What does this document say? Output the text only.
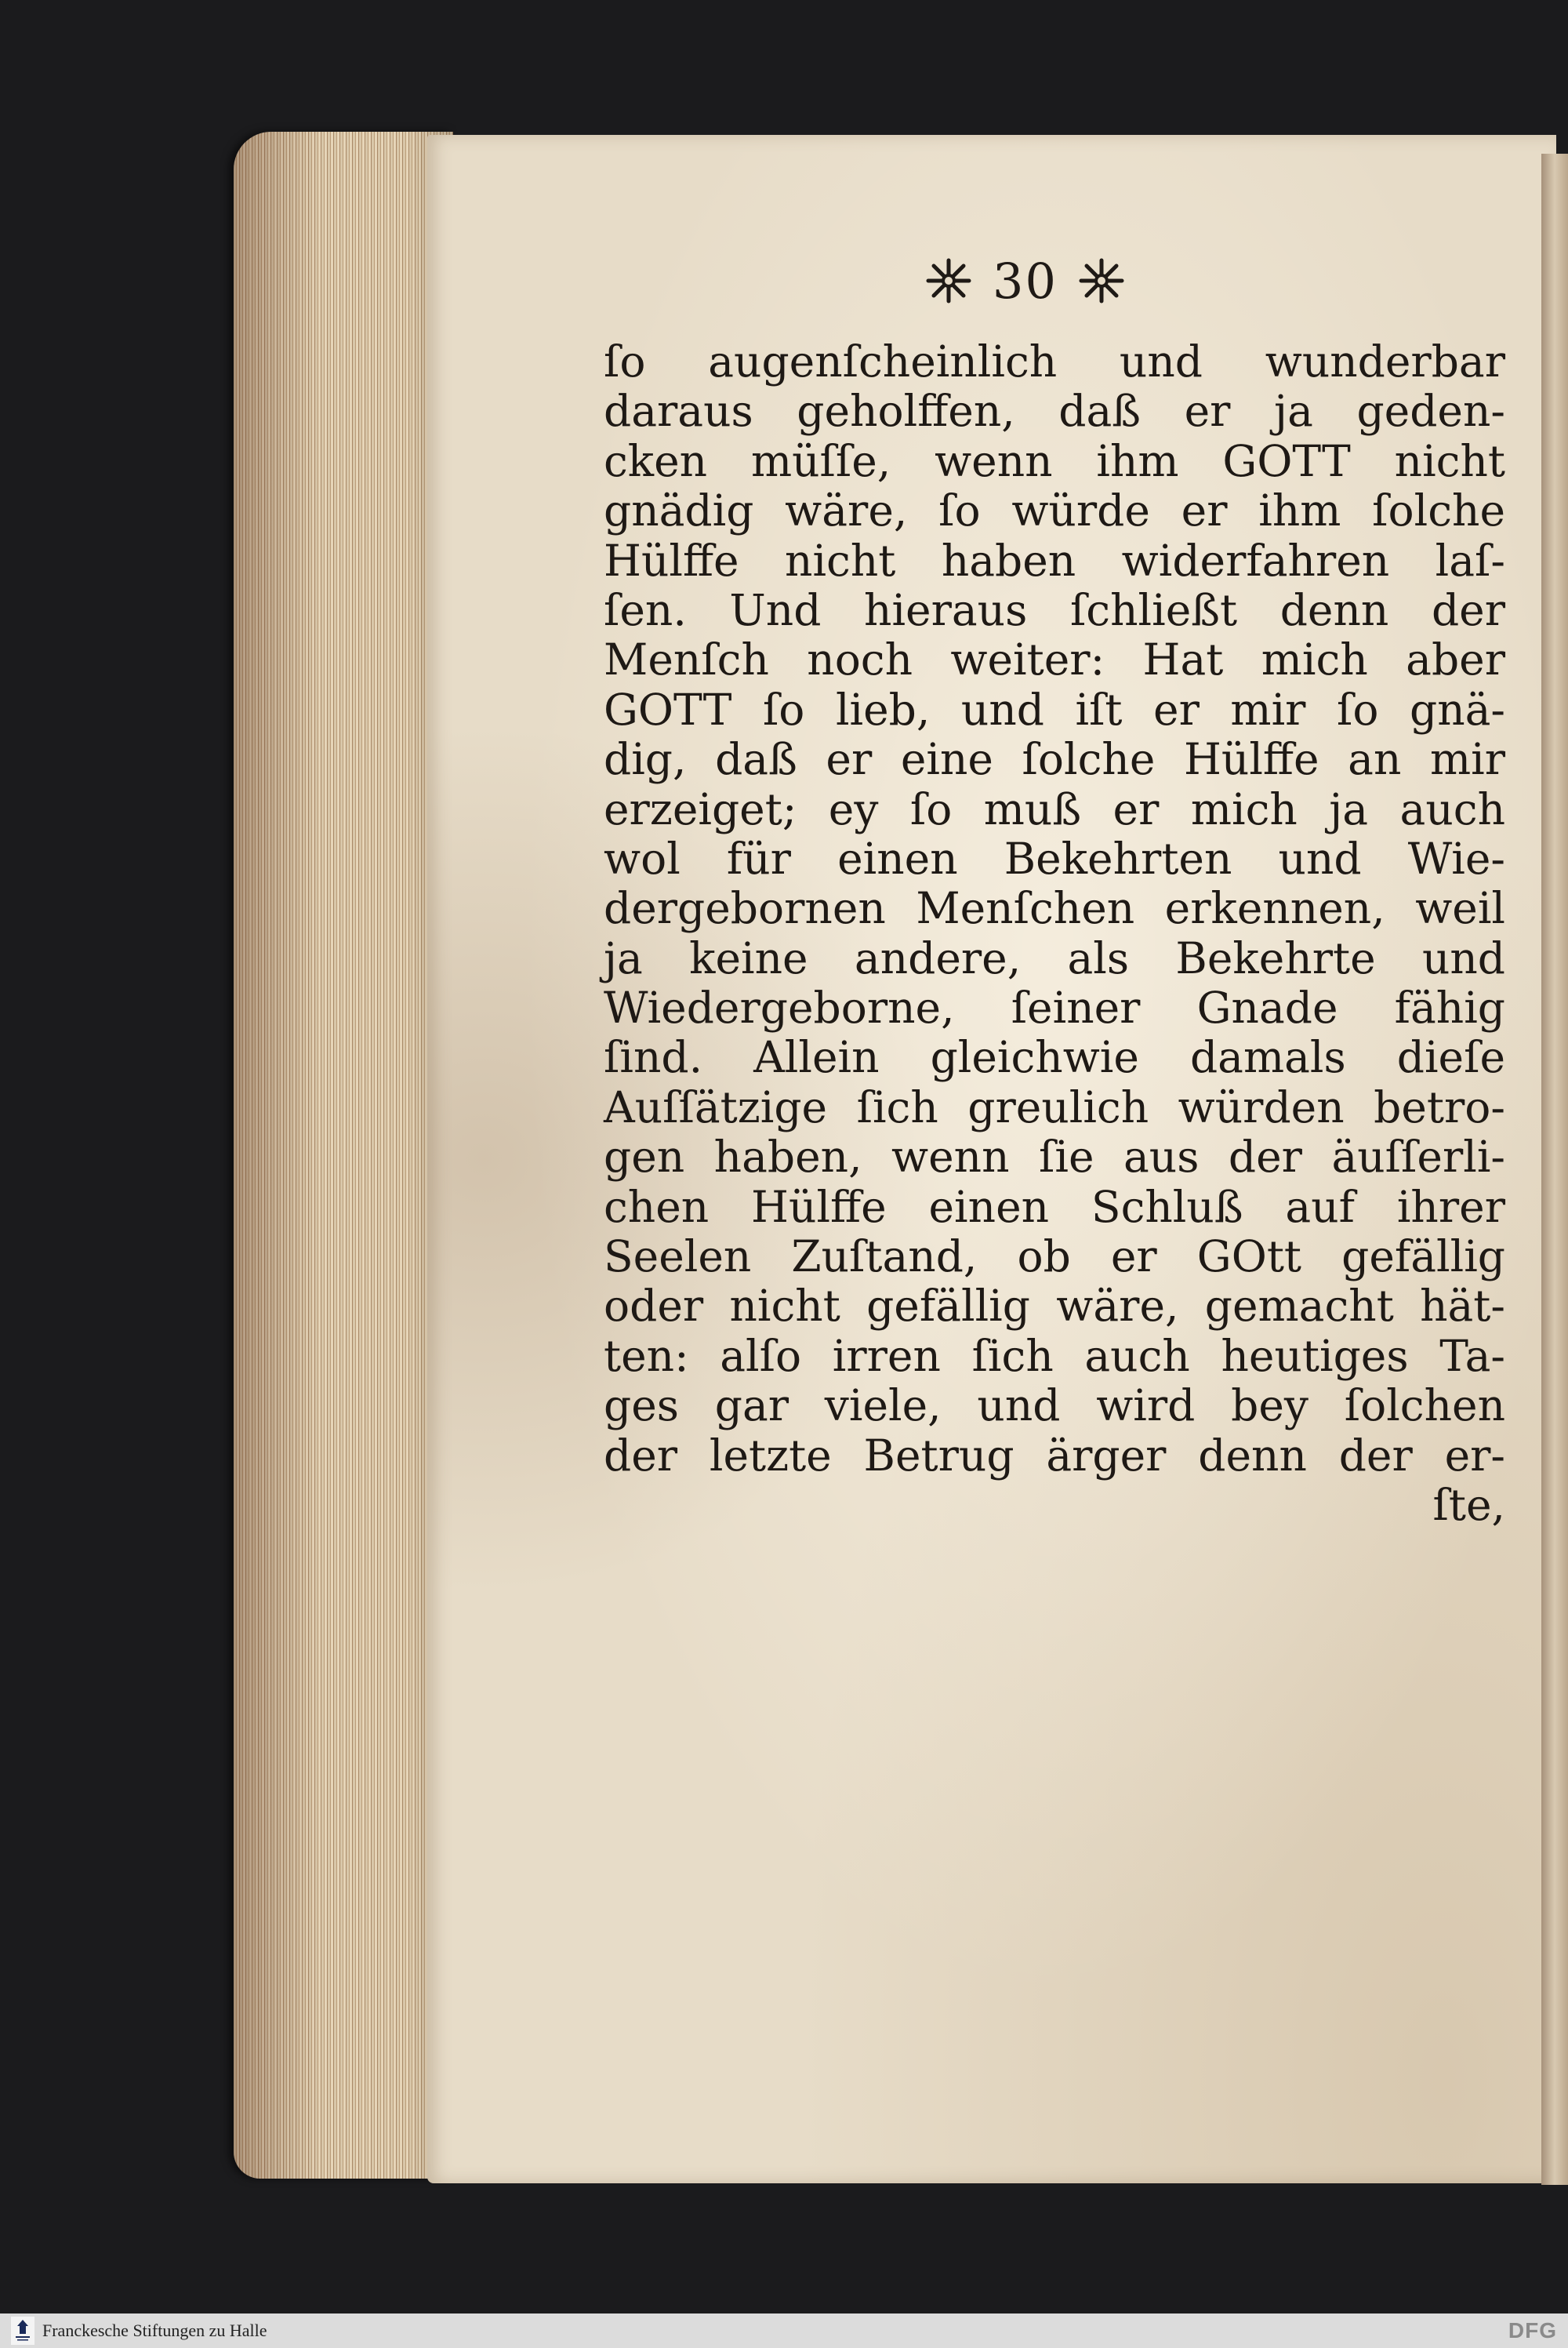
30
ſo augenſcheinlich und wunderbar
daraus geholffen, daß er ja geden-
cken müſſe, wenn ihm GOTT nicht
gnädig wäre, ſo würde er ihm ſolche
Hülffe nicht haben widerfahren laſ-
ſen. Und hieraus ſchließt denn der
Menſch noch weiter: Hat mich aber
GOTT ſo lieb, und iſt er mir ſo gnä-
dig, daß er eine ſolche Hülffe an mir
erzeiget; ey ſo muß er mich ja auch
wol für einen Bekehrten und Wie-
dergebornen Menſchen erkennen, weil
ja keine andere, als Bekehrte und
Wiedergeborne, ſeiner Gnade fähig
ſind. Allein gleichwie damals dieſe
Auſſätzige ſich greulich würden betro-
gen haben, wenn ſie aus der äuſſerli-
chen Hülffe einen Schluß auf ihrer
Seelen Zuſtand, ob er GOtt gefällig
oder nicht gefällig wäre, gemacht hät-
ten: alſo irren ſich auch heutiges Ta-
ges gar viele, und wird bey ſolchen
der letzte Betrug ärger denn der er-
ſte,
Franckesche Stiftungen zu Halle	DFG
